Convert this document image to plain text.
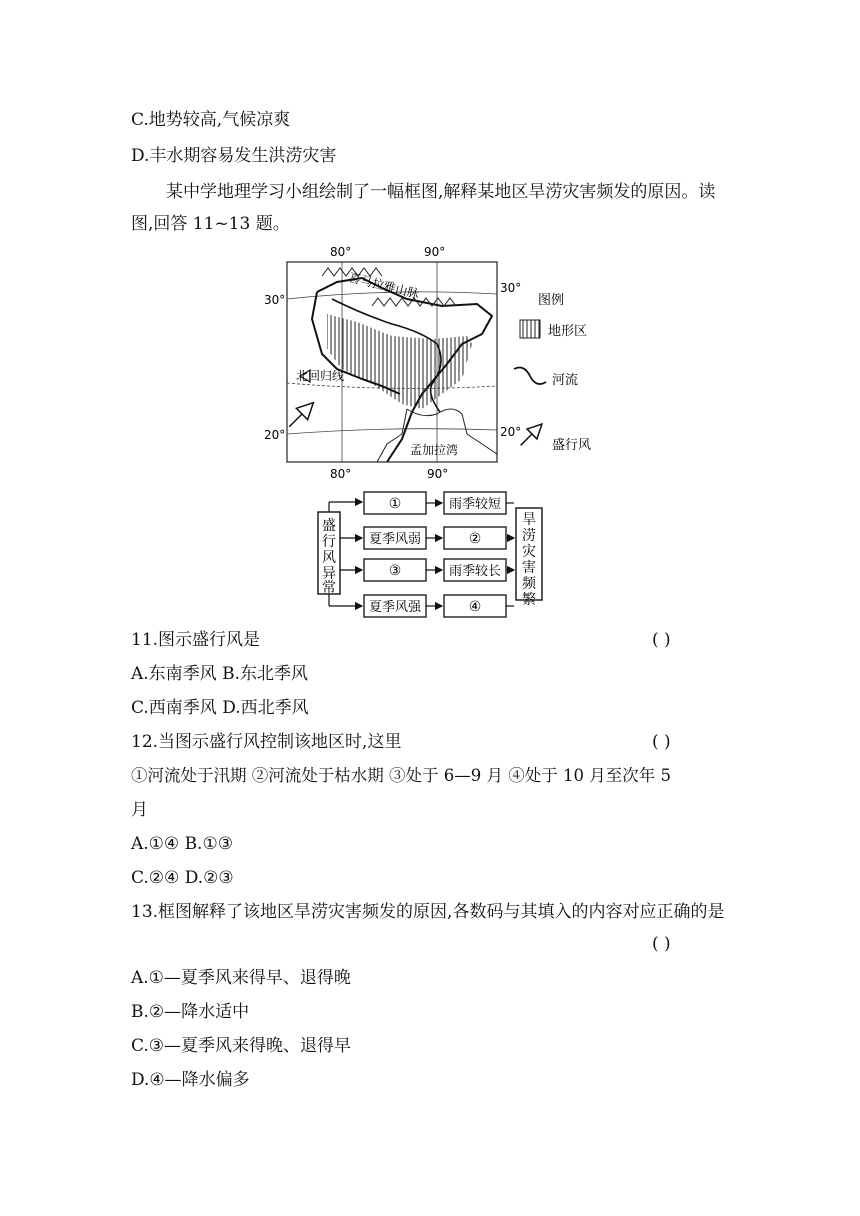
C.地势较高,气候凉爽
D.丰水期容易发生洪涝灾害
某中学地理学习小组绘制了一幅框图,解释某地区旱涝灾害频发的原因。读
图,回答 11~13 题。
80°	90°
80°	90°
30°
30°
20°	20°
喜马拉雅山脉
北回归线
孟加拉湾
图例
地形区
河流
盛行风
盛
行
风
异
常
旱
涝
灾
害
频
繁
①
夏季风弱
③
夏季风强
雨季较短
②
雨季较长
④
11.图示盛行风是	( )
A.东南季风 B.东北季风
C.西南季风 D.西北季风
12.当图示盛行风控制该地区时,这里	( )
①河流处于汛期 ②河流处于枯水期 ③处于 6—9 月 ④处于 10 月至次年 5
月
A.①④ B.①③
C.②④ D.②③
13.框图解释了该地区旱涝灾害频发的原因,各数码与其填入的内容对应正确的是
( )
A.①—夏季风来得早、退得晚
B.②—降水适中
C.③—夏季风来得晚、退得早
D.④—降水偏多
